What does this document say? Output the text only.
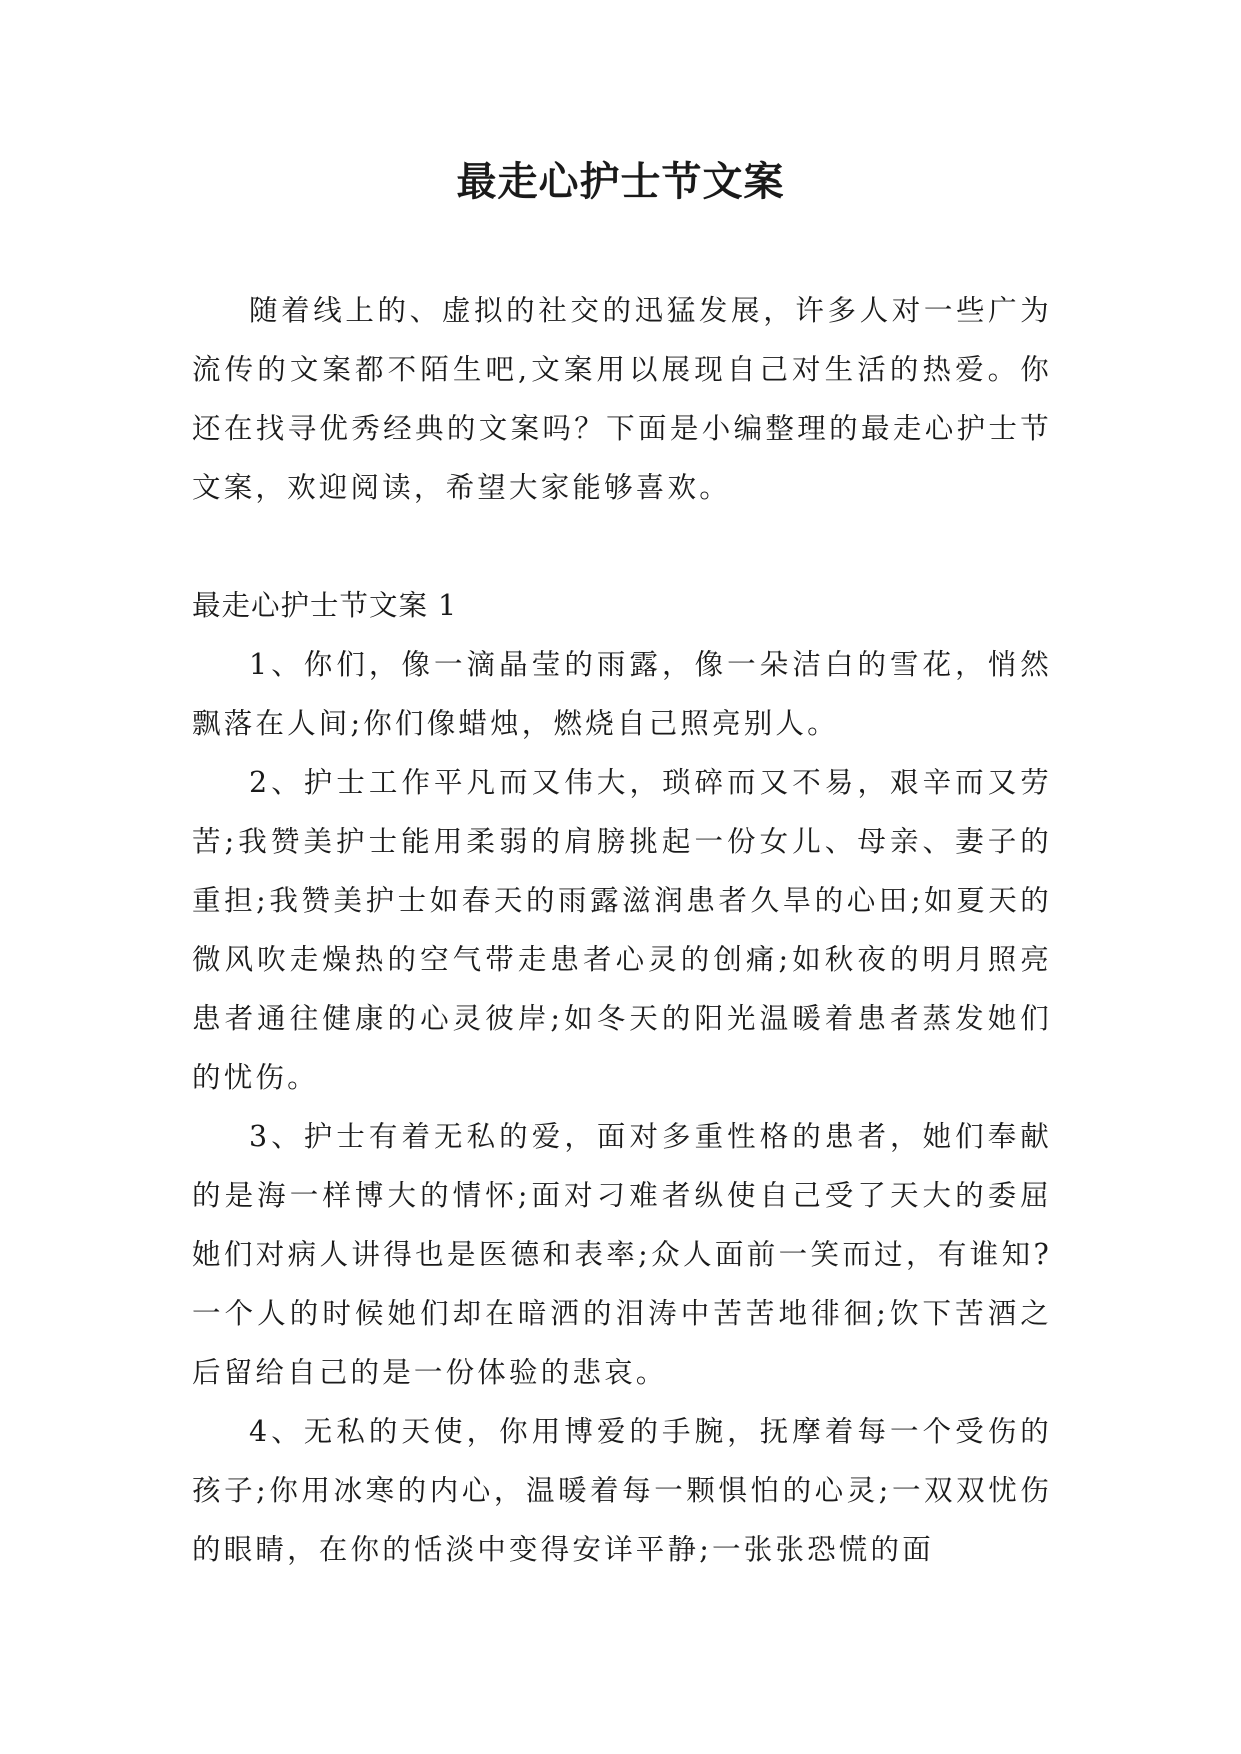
最走心护士节文案

随着线上的、虚拟的社交的迅猛发展，许多人对一些广为流传的文案都不陌生吧,文案用以展现自己对生活的热爱。你还在找寻优秀经典的文案吗？下面是小编整理的最走心护士节文案，欢迎阅读，希望大家能够喜欢。

最走心护士节文案 1
1、你们，像一滴晶莹的雨露，像一朵洁白的雪花，悄然飘落在人间;你们像蜡烛，燃烧自己照亮别人。
2、护士工作平凡而又伟大，琐碎而又不易，艰辛而又劳苦;我赞美护士能用柔弱的肩膀挑起一份女儿、母亲、妻子的重担;我赞美护士如春天的雨露滋润患者久旱的心田;如夏天的微风吹走燥热的空气带走患者心灵的创痛;如秋夜的明月照亮患者通往健康的心灵彼岸;如冬天的阳光温暖着患者蒸发她们的忧伤。
3、护士有着无私的爱，面对多重性格的患者，她们奉献的是海一样博大的情怀;面对刁难者纵使自己受了天大的委屈她们对病人讲得也是医德和表率;众人面前一笑而过，有谁知?一个人的时候她们却在暗洒的泪涛中苦苦地徘徊;饮下苦酒之后留给自己的是一份体验的悲哀。
4、无私的天使，你用博爱的手腕，抚摩着每一个受伤的孩子;你用冰寒的内心，温暖着每一颗惧怕的心灵;一双双忧伤的眼睛，在你的恬淡中变得安详平静;一张张恐慌的面
